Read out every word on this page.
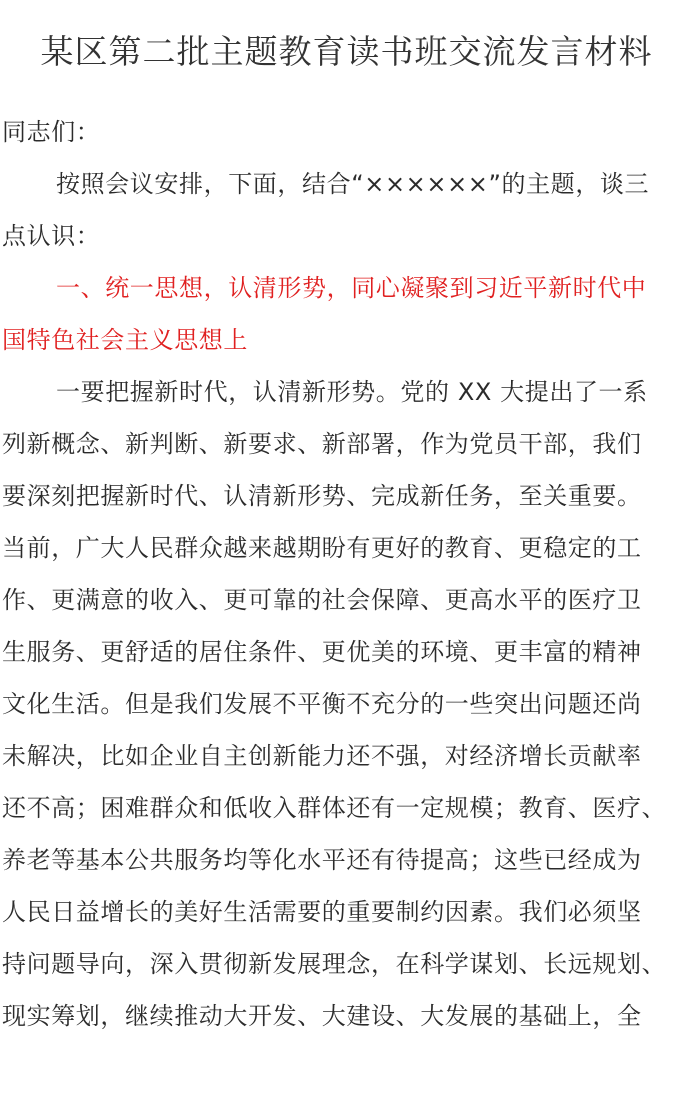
某区第二批主题教育读书班交流发言材料
同志们：
按照会议安排，下面，结合“××××××”的主题，谈三
点认识：
一、统一思想，认清形势，同心凝聚到习近平新时代中
国特色社会主义思想上
一要把握新时代，认清新形势。党的 XX 大提出了一系
列新概念、新判断、新要求、新部署，作为党员干部，我们
要深刻把握新时代、认清新形势、完成新任务，至关重要。
当前，广大人民群众越来越期盼有更好的教育、更稳定的工
作、更满意的收入、更可靠的社会保障、更高水平的医疗卫
生服务、更舒适的居住条件、更优美的环境、更丰富的精神
文化生活。但是我们发展不平衡不充分的一些突出问题还尚
未解决，比如企业自主创新能力还不强，对经济增长贡献率
还不高；困难群众和低收入群体还有一定规模；教育、医疗、
养老等基本公共服务均等化水平还有待提高；这些已经成为
人民日益增长的美好生活需要的重要制约因素。我们必须坚
持问题导向，深入贯彻新发展理念，在科学谋划、长远规划、
现实筹划，继续推动大开发、大建设、大发展的基础上，全
